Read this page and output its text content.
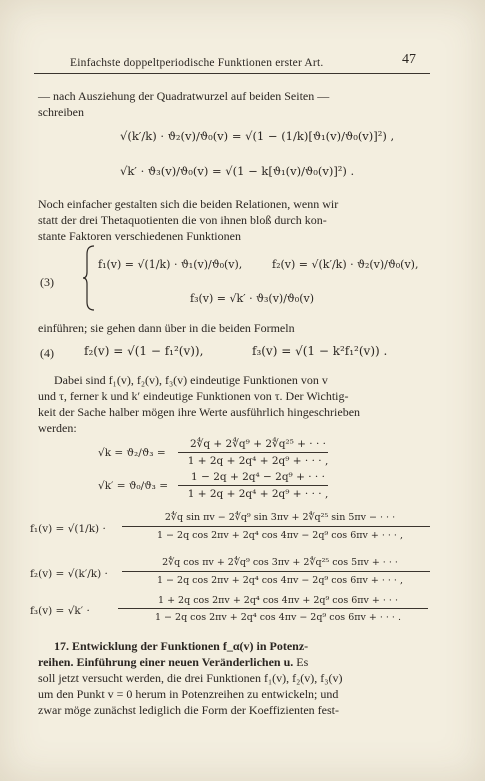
Einfachste doppeltperiodische Funktionen erster Art.	47
— nach Ausziehung der Quadratwurzel auf beiden Seiten —
schreiben
√(k′/k) · ϑ₂(v)/ϑ₀(v) = √(1 − (1/k)[ϑ₁(v)/ϑ₀(v)]²) ,
√k′ · ϑ₃(v)/ϑ₀(v) = √(1 − k[ϑ₁(v)/ϑ₀(v)]²) .
Noch einfacher gestalten sich die beiden Relationen, wenn wir
statt der drei Thetaquotienten die von ihnen bloß durch kon-
stante Faktoren verschiedenen Funktionen
(3)
f₁(v) = √(1/k) · ϑ₁(v)/ϑ₀(v),	f₂(v) = √(k′/k) · ϑ₂(v)/ϑ₀(v),
f₃(v) = √k′ · ϑ₃(v)/ϑ₀(v)
einführen; sie gehen dann über in die beiden Formeln
(4)	f₂(v) = √(1 − f₁²(v)),	f₃(v) = √(1 − k²f₁²(v)) .
Dabei sind f₁(v), f₂(v), f₃(v) eindeutige Funktionen von v
und τ, ferner k und k′ eindeutige Funktionen von τ. Der Wichtig-
keit der Sache halber mögen ihre Werte ausführlich hingeschrieben
werden:
√k = ϑ₂/ϑ₃ =
2∜q + 2∜q⁹ + 2∜q²⁵ + · · ·
1 + 2q + 2q⁴ + 2q⁹ + · · · ,
√k′ = ϑ₀/ϑ₃ =
1 − 2q + 2q⁴ − 2q⁹ + · · ·
1 + 2q + 2q⁴ + 2q⁹ + · · · ,
f₁(v) = √(1/k) ·
2∜q sin πv − 2∜q⁹ sin 3πv + 2∜q²⁵ sin 5πv − · · ·
1 − 2q cos 2πv + 2q⁴ cos 4πv − 2q⁹ cos 6πv + · · · ,
f₂(v) = √(k′/k) ·
2∜q cos πv + 2∜q⁹ cos 3πv + 2∜q²⁵ cos 5πv + · · ·
1 − 2q cos 2πv + 2q⁴ cos 4πv − 2q⁹ cos 6πv + · · · ,
f₃(v) = √k′ ·
1 + 2q cos 2πv + 2q⁴ cos 4πv + 2q⁹ cos 6πv + · · ·
1 − 2q cos 2πv + 2q⁴ cos 4πv − 2q⁹ cos 6πv + · · · .
17. Entwicklung der Funktionen f_α(v) in Potenz-
reihen. Einführung einer neuen Veränderlichen u. Es
soll jetzt versucht werden, die drei Funktionen f₁(v), f₂(v), f₃(v)
um den Punkt v = 0 herum in Potenzreihen zu entwickeln; und
zwar möge zunächst lediglich die Form der Koeffizienten fest-
